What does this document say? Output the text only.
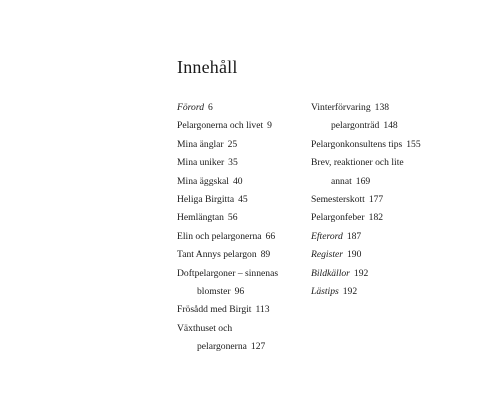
Innehåll
Förord 6
Pelargonerna och livet 9
Mina änglar 25
Mina uniker 35
Mina äggskal 40
Heliga Birgitta 45
Hemlängtan 56
Elin och pelargonerna 66
Tant Annys pelargon 89
Doftpelargoner – sinnenas
blomster 96
Frösådd med Birgit 113
Växthuset och
pelargonerna 127
Vinterförvaring 138
pelargonträd 148
Pelargonkonsultens tips 155
Brev, reaktioner och lite
annat 169
Semesterskott 177
Pelargonfeber 182
Efterord 187
Register 190
Bildkällor 192
Lästips 192
